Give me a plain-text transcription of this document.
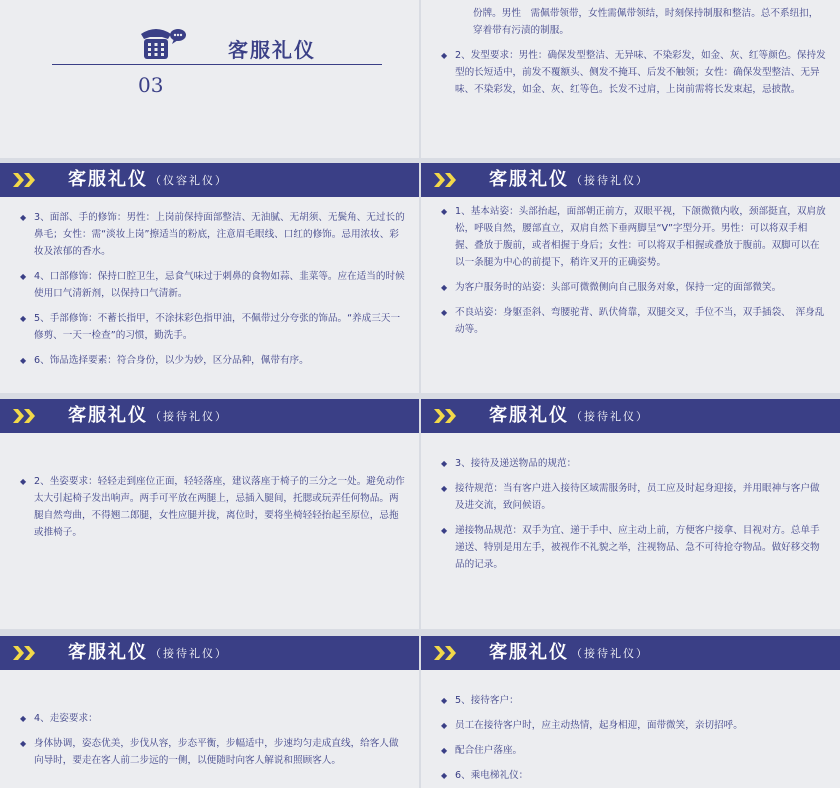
客服礼仪
03
份牌。男性　需佩带领带，女性需佩带领结，时刻保持制服和整洁。总不系纽扣，穿着带有污渍的制服。
◆ 2、发型要求：男性：确保发型整洁、无异味、不染彩发，如金、灰、红等颜色。保持发型的长短适中，前发不覆额头、侧发不掩耳、后发不触领；女性：确保发型整洁、无异味、不染彩发，如金、灰、红等色。长发不过肩，上岗前需将长发束起，忌披散。
客服礼仪 （仪容礼仪）
◆ 3、面部、手的修饰：男性：上岗前保持面部整洁、无油腻、无胡须、无鬓角、无过长的鼻毛；女性：需“淡妆上岗”擦适当的粉底，注意眉毛眼线、口红的修饰。忌用浓妆、彩妆及浓郁的香水。
◆ 4、口部修饰：保持口腔卫生，忌食气味过于刺鼻的食物如蒜、韭菜等。应在适当的时候使用口气清新剂，以保持口气清新。
◆ 5、手部修饰：不蓄长指甲，不涂抹彩色指甲油，不佩带过分夸张的饰品。“养成三天一修剪、一天一检查”的习惯，勤洗手。
◆ 6、饰品选择要素：符合身份，以少为妙，区分品种，佩带有序。
客服礼仪 （接待礼仪）
◆ 1、基本站姿：头部抬起，面部朝正前方，双眼平视，下颌微微内收，颈部挺直，双肩放松，呼吸自然，腰部直立，双肩自然下垂两脚呈“V”字型分开。男性：可以将双手相握、叠放于腹前，或者相握于身后；女性：可以将双手相握或叠放于腹前。双脚可以在以一条腿为中心的前提下，稍许叉开的正确姿势。
◆ 为客户服务时的站姿：头部可微微侧向自己服务对象，保持一定的面部微笑。
◆ 不良站姿：身躯歪斜、弯腰驼背、趴伏倚靠，双腿交叉，手位不当，双手插袋、　浑身乱动等。
客服礼仪 （接待礼仪）
◆ 2、坐姿要求：轻轻走到座位正面，轻轻落座，建议落座于椅子的三分之一处。避免动作太大引起椅子发出响声。两手可平放在两腿上，忌插入腿间，托腮或玩弄任何物品。两腿自然弯曲，不得翘二郎腿，女性应腿并拢，离位时，要将坐椅轻轻抬起至原位，忌拖或推椅子。
客服礼仪 （接待礼仪）
◆ 3、接待及递送物品的规范：
◆ 接待规范：当有客户进入接待区域需服务时，员工应及时起身迎接，并用眼神与客户做及进交流，致问候语。
◆ 递接物品规范：双手为宜、递于手中、应主动上前，方便客户接拿、目视对方。总单手递送、特别是用左手，被视作不礼貌之举，注视物品、急不可待抢夺物品。做好移交物品的记录。
客服礼仪 （接待礼仪）
◆ 4、走姿要求：
◆ 身体协调，姿态优美，步伐从容，步态平衡，步幅适中，步速均匀走成直线，给客人做向导时，要走在客人前二步远的一侧，以便随时向客人解说和照顾客人。
客服礼仪 （接待礼仪）
◆ 5、接待客户：
◆ 员工在接待客户时，应主动热情，起身相迎，面带微笑，亲切招呼。
◆ 配合住户落座。
◆ 6、乘电梯礼仪：
